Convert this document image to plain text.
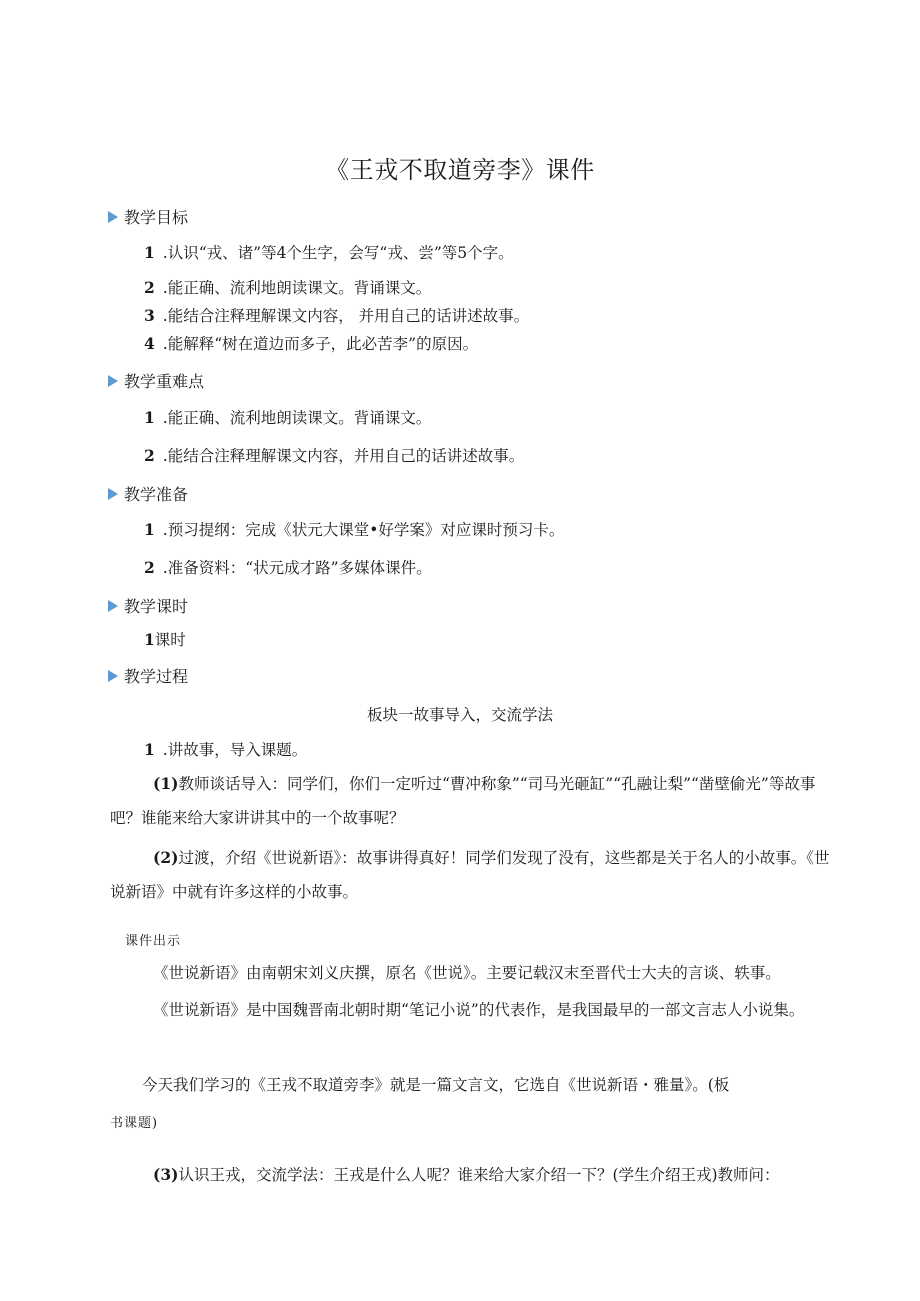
《王戎不取道旁李》课件
教学目标
1 .认识“戎、诸”等4个生字，会写“戎、尝”等5个字。
2 .能正确、流利地朗读课文。背诵课文。
3 .能结合注释理解课文内容， 并用自己的话讲述故事。
4 .能解释“树在道边而多子，此必苦李”的原因。
教学重难点
1 .能正确、流利地朗读课文。背诵课文。
2 .能结合注释理解课文内容，并用自己的话讲述故事。
教学准备
1 .预习提纲：完成《状元大课堂•好学案》对应课时预习卡。
2 .准备资料：“状元成才路”多媒体课件。
教学课时
1课时
教学过程
板块一故事导入，交流学法
1 .讲故事，导入课题。
(1)教师谈话导入：同学们，你们一定听过“曹冲称象”“司马光砸缸”“孔融让梨”“凿壁偷光”等故事吧？谁能来给大家讲讲其中的一个故事呢？
(2)过渡，介绍《世说新语》：故事讲得真好！同学们发现了没有，这些都是关于名人的小故事。《世说新语》中就有许多这样的小故事。
课件出示
《世说新语》由南朝宋刘义庆撰，原名《世说》。主要记载汉末至晋代士大夫的言谈、轶事。
《世说新语》是中国魏晋南北朝时期“笔记小说”的代表作，是我国最早的一部文言志人小说集。
今天我们学习的《王戎不取道旁李》就是一篇文言文，它选自《世说新语・雅量》。(板
书课题)
(3)认识王戎，交流学法：王戎是什么人呢？谁来给大家介绍一下？(学生介绍王戎)教师问：
